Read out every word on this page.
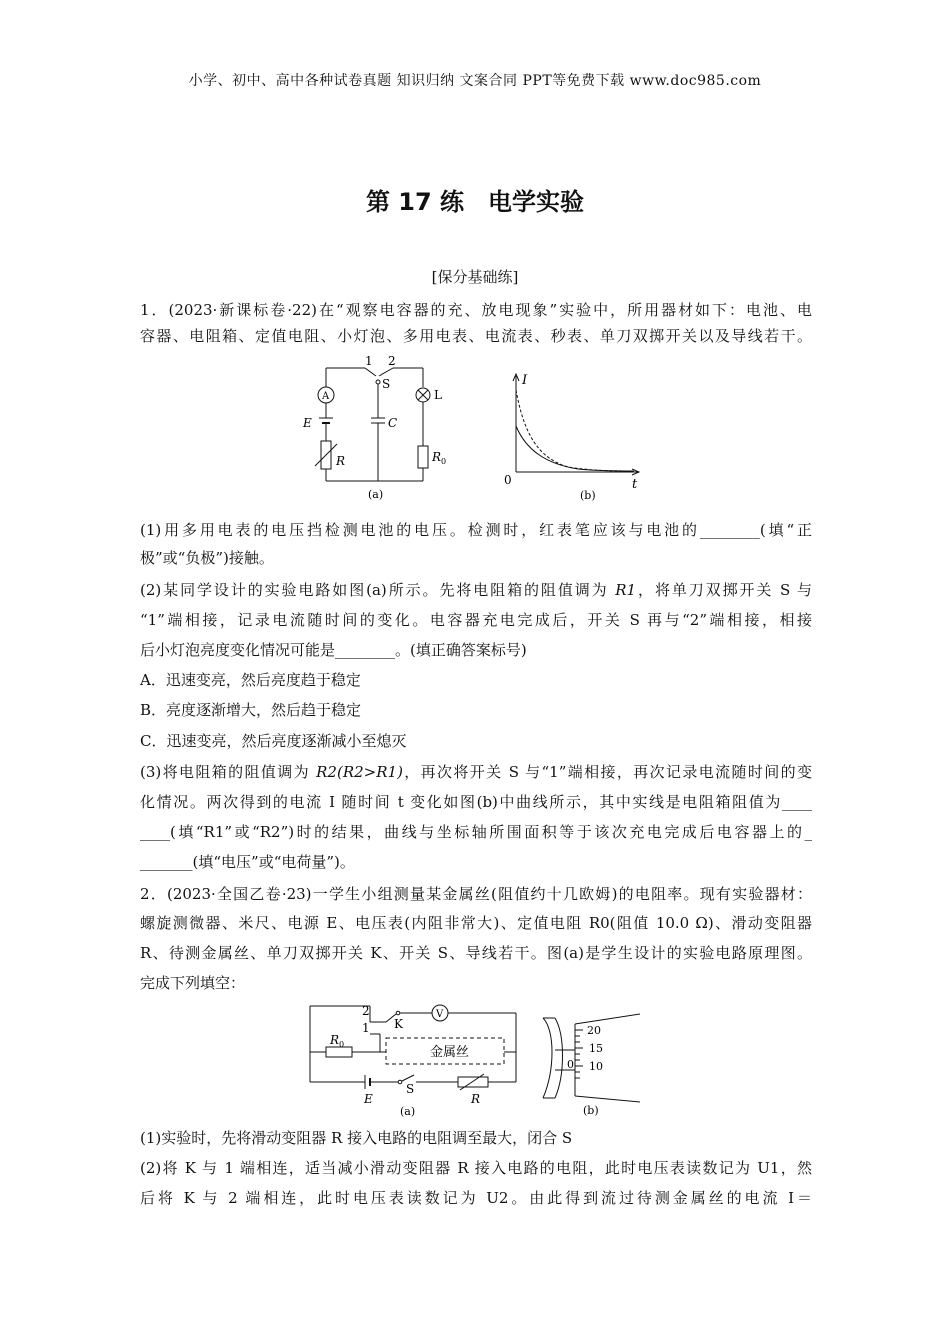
小学、初中、高中各种试卷真题 知识归纳 文案合同 PPT等免费下载 www.doc985.com
第 17 练　电学实验
[保分基础练]
1．(2023·新课标卷·22)在“观察电容器的充、放电现象”实验中，所用器材如下：电池、电
容器、电阻箱、定值电阻、小灯泡、多用电表、电流表、秒表、单刀双掷开关以及导线若干。
1 2
S
A	L
E	C
R	$R_0$
(a)
I
0	t
(b)
(1)用多用电表的电压挡检测电池的电压。检测时，红表笔应该与电池的________(填“正
极”或“负极”)接触。
(2)某同学设计的实验电路如图(a)所示。先将电阻箱的阻值调为 R1，将单刀双掷开关 S 与
“1”端相接，记录电流随时间的变化。电容器充电完成后，开关 S 再与“2”端相接，相接
后小灯泡亮度变化情况可能是________。(填正确答案标号)
A．迅速变亮，然后亮度趋于稳定
B．亮度逐渐增大，然后趋于稳定
C．迅速变亮，然后亮度逐渐减小至熄灭
(3)将电阻箱的阻值调为 R2(R2>R1)，再次将开关 S 与“1”端相接，再次记录电流随时间的变
化情况。两次得到的电流 I 随时间 t 变化如图(b)中曲线所示，其中实线是电阻箱阻值为____
____(填“R1”或“R2”)时的结果，曲线与坐标轴所围面积等于该次充电完成后电容器上的_
_______(填“电压”或“电荷量”)。
2．(2023·全国乙卷·23)一学生小组测量某金属丝(阻值约十几欧姆)的电阻率。现有实验器材：
螺旋测微器、米尺、电源 E、电压表(内阻非常大)、定值电阻 R0(阻值 10.0 Ω)、滑动变阻器
R、待测金属丝、单刀双掷开关 K、开关 S、导线若干。图(a)是学生设计的实验电路原理图。
完成下列填空：
2
1 K
V
$R_0$
金属丝
E
S
R
(a)
20
15
10
0
(b)
(1)实验时，先将滑动变阻器 R 接入电路的电阻调至最大，闭合 S
(2)将 K 与 1 端相连，适当减小滑动变阻器 R 接入电路的电阻，此时电压表读数记为 U1，然
后将 K 与 2 端相连，此时电压表读数记为 U2。由此得到流过待测金属丝的电流 I＝
